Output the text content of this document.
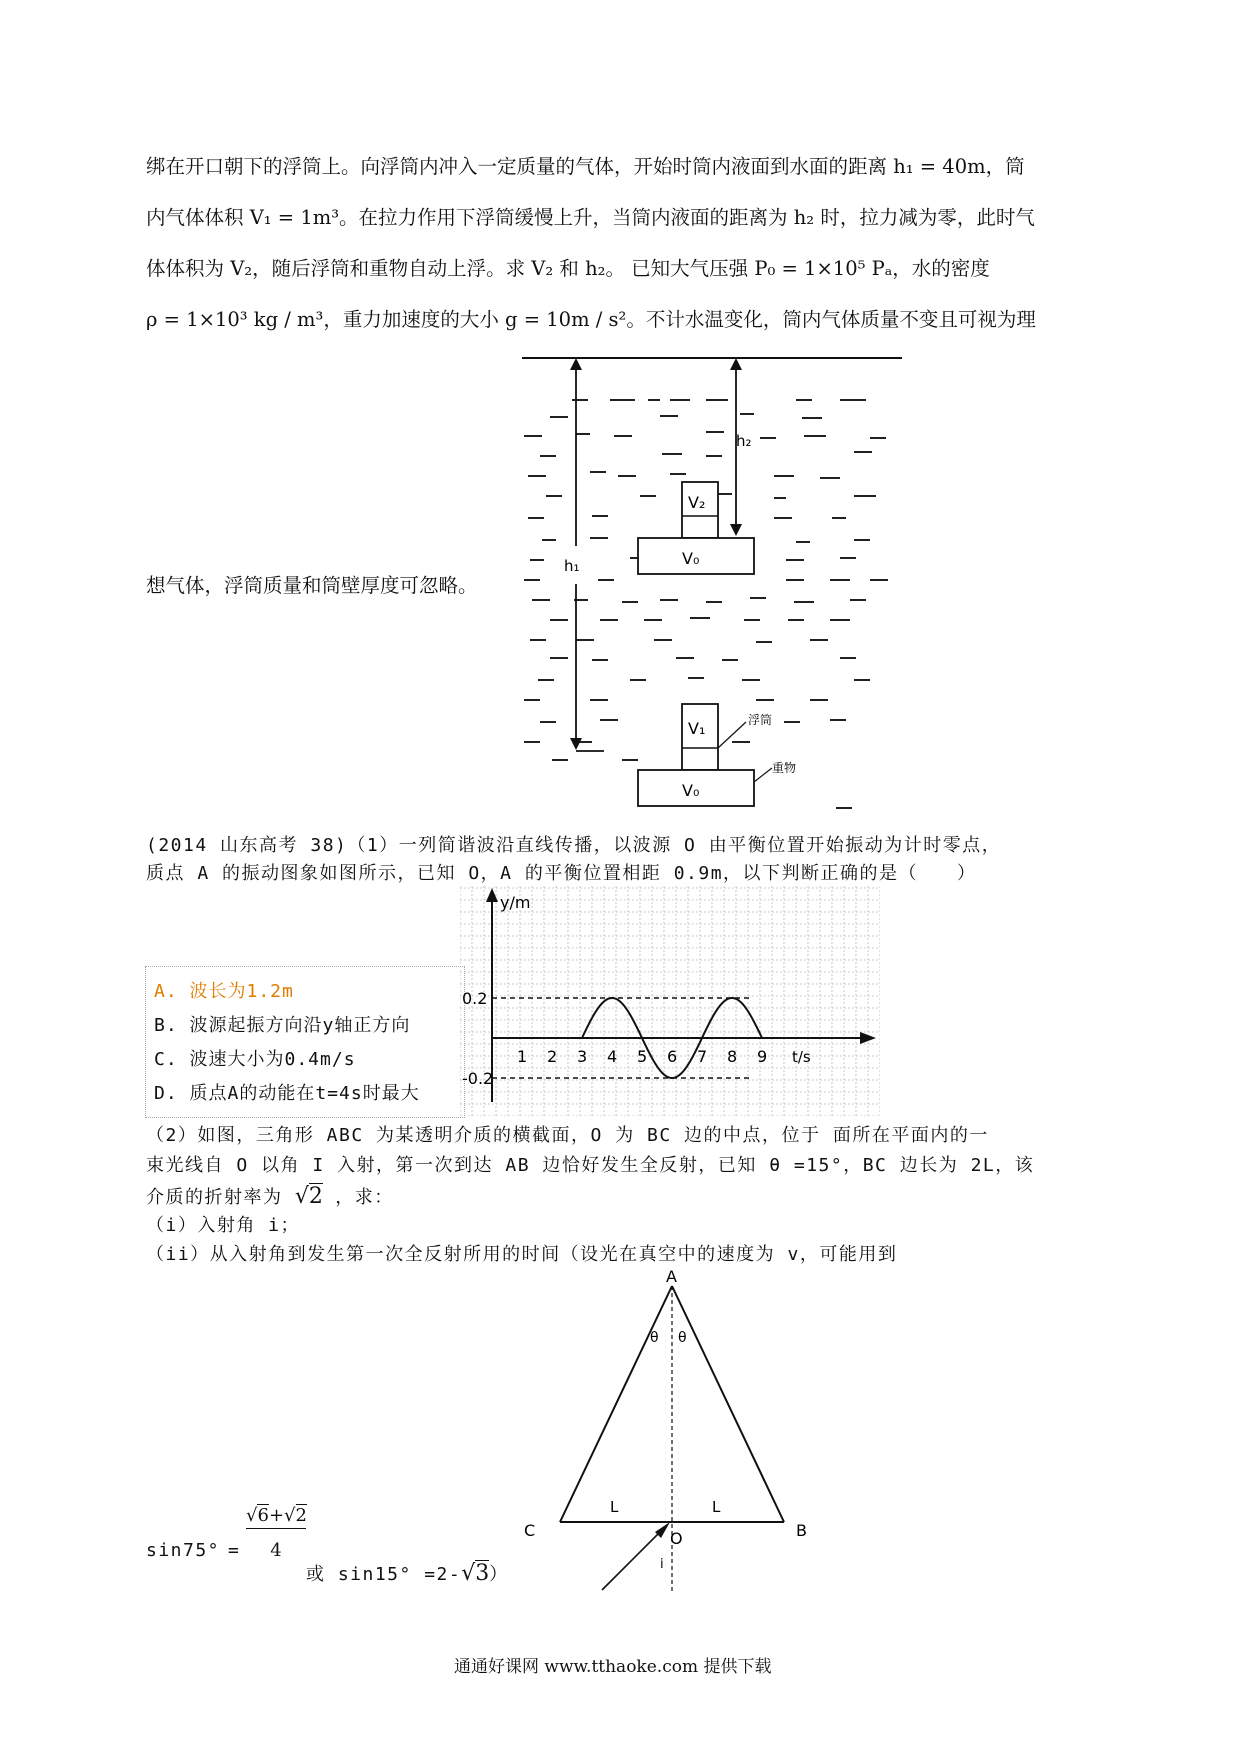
绑在开口朝下的浮筒上。向浮筒内冲入一定质量的气体，开始时筒内液面到水面的距离 h₁ = 40m，筒
内气体体积 V₁ = 1m³。在拉力作用下浮筒缓慢上升，当筒内液面的距离为 h₂ 时，拉力减为零，此时气
体体积为 V₂，随后浮筒和重物自动上浮。求 V₂ 和 h₂。 已知大气压强 P₀ = 1×10⁵ Pₐ，水的密度
ρ = 1×10³ kg / m³，重力加速度的大小 g = 10m / s²。不计水温变化，筒内气体质量不变且可视为理
想气体，浮筒质量和筒壁厚度可忽略。
h₁
h₂
V₂
V₀
V₁
V₀
浮筒
重物
(2014 山东高考 38)（1）一列简谐波沿直线传播，以波源 O 由平衡位置开始振动为计时零点，
质点 A 的振动图象如图所示，已知 O，A 的平衡位置相距 0.9m，以下判断正确的是（　　）
A. 波长为1.2m
B. 波源起振方向沿y轴正方向
C. 波速大小为0.4m/s
D. 质点A的动能在t=4s时最大
y/m
t/s
1 2 3 4 5 6 7 8 9
0.2
-0.2
（2）如图，三角形 ABC 为某透明介质的横截面，O 为 BC 边的中点，位于 面所在平面内的一
束光线自 O 以角 I 入射，第一次到达 AB 边恰好发生全反射，已知 θ =15°，BC 边长为 2L，该
介质的折射率为 √2 ，求：
（i）入射角 i；
（ii）从入射角到发生第一次全反射所用的时间（设光在真空中的速度为 v，可能用到
A
C	B
O
θ θ
L	L
i
sin75° =
√6+√2
4
或 sin15° =2-√3）
通通好课网 www.tthaoke.com 提供下载
